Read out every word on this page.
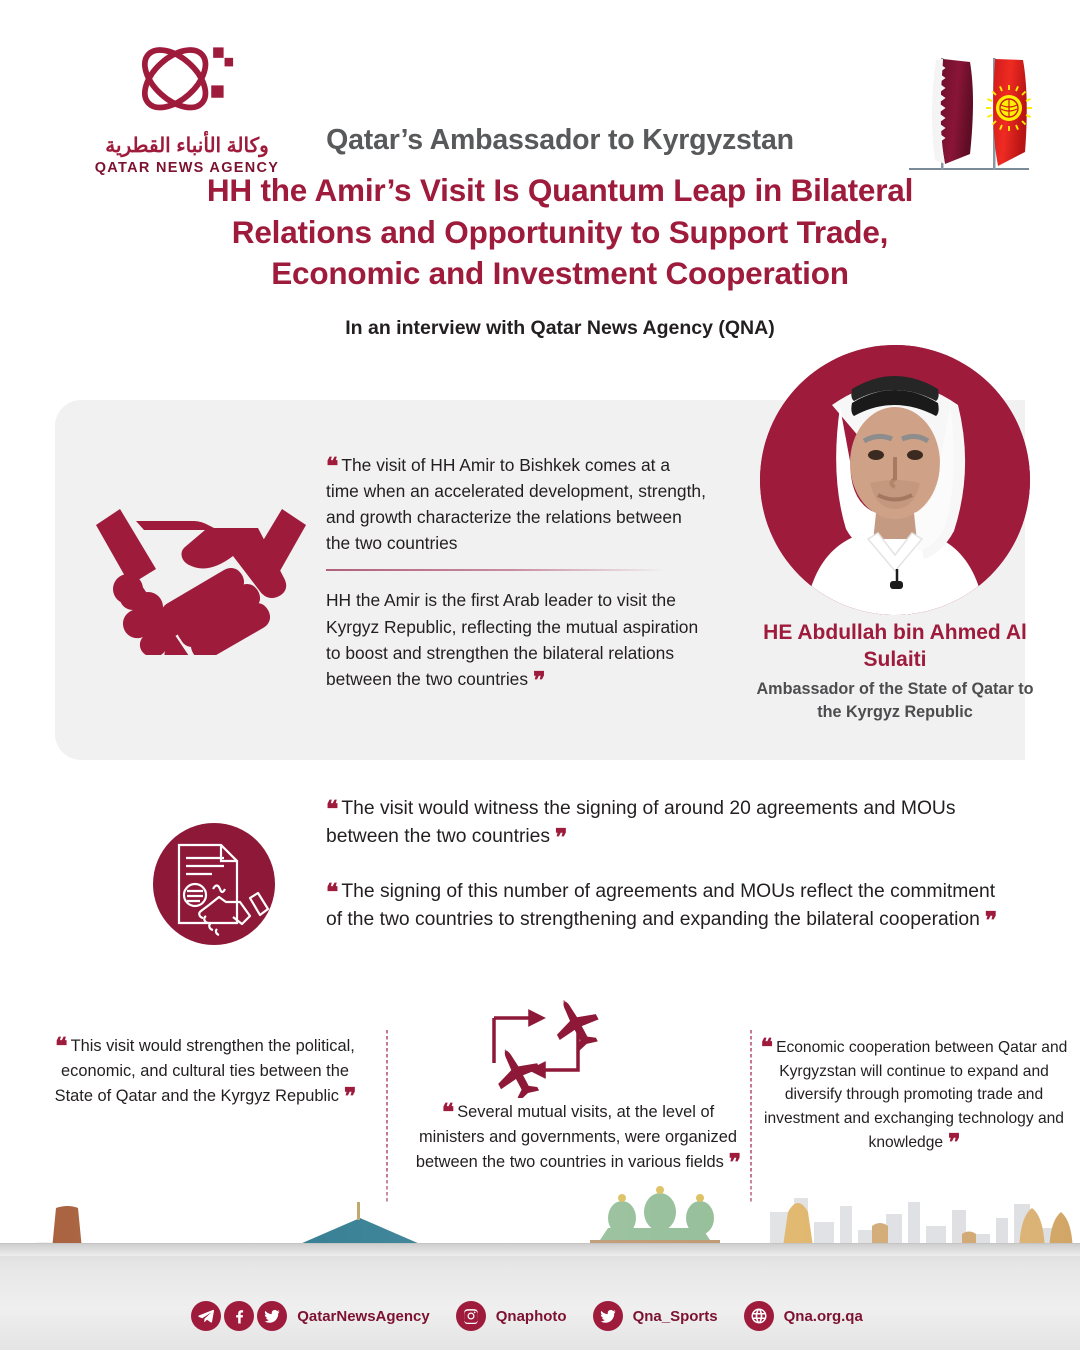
وكالة الأنباء القطرية
QATAR NEWS AGENCY
Qatar’s Ambassador to Kyrgyzstan
HH the Amir’s Visit Is Quantum Leap in Bilateral Relations and Opportunity to Support Trade, Economic and Investment Cooperation
In an interview with Qatar News Agency (QNA)
❝ The visit of HH Amir to Bishkek comes at a time when an accelerated development, strength, and growth characterize the relations between the two countries
HH the Amir is the first Arab leader to visit the Kyrgyz Republic, reflecting the mutual aspiration to boost and strengthen the bilateral relations between the two countries ❞
HE Abdullah bin Ahmed Al Sulaiti
Ambassador of the State of Qatar to the Kyrgyz Republic
❝ The visit would witness the signing of around 20 agreements and MOUs between the two countries ❞
❝ The signing of this number of agreements and MOUs reflect the commitment of the two countries to strengthening and expanding the bilateral cooperation ❞
❝ This visit would strengthen the political, economic, and cultural ties between the State of Qatar and the Kyrgyz Republic ❞
❝ Several mutual visits, at the level of ministers and governments, were organized between the two countries in various fields ❞
❝ Economic cooperation between Qatar and Kyrgyzstan will continue to expand and diversify through promoting trade and investment and exchanging technology and knowledge ❞
QatarNewsAgency	Qnaphoto	Qna_Sports	Qna.org.qa
